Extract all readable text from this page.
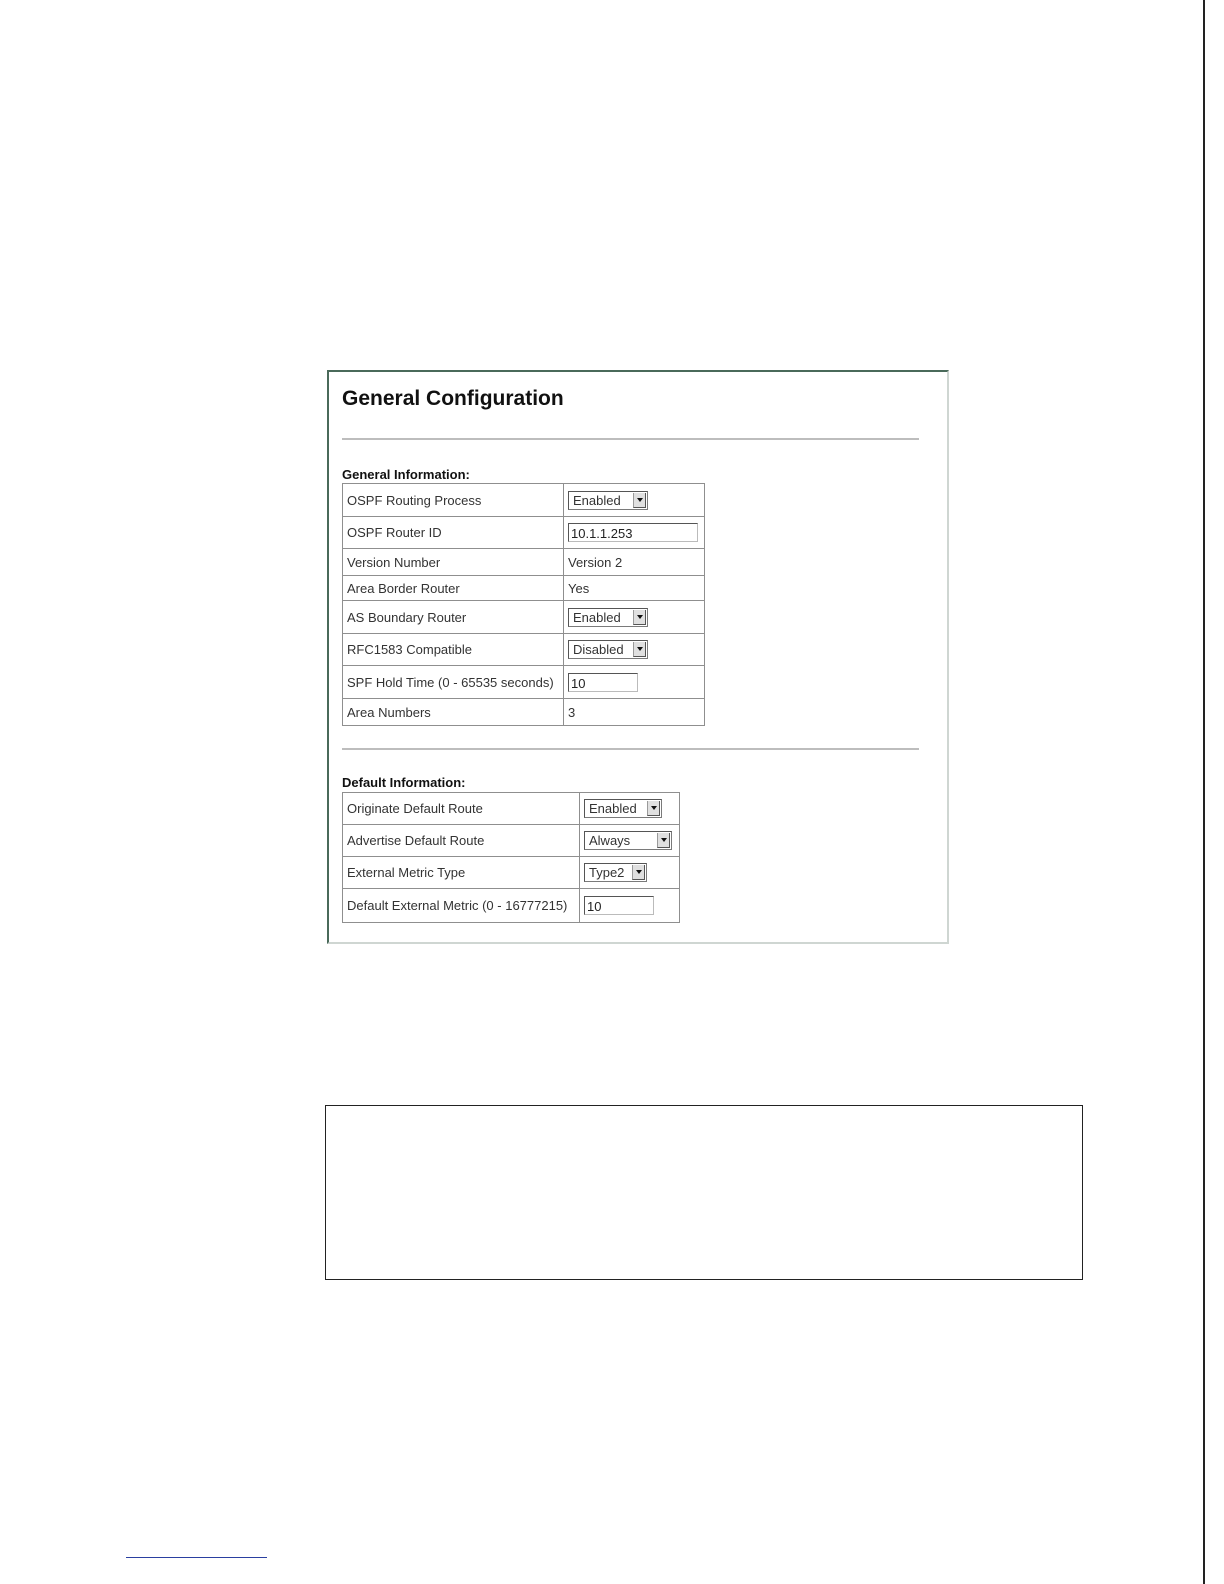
General Configuration
General Information:
OSPF Routing Process	Enabled

OSPF Router ID	10.1.1.253
Version Number	Version 2
Area Border Router	Yes
AS Boundary Router	Enabled

RFC1583 Compatible	Disabled

SPF Hold Time (0 - 65535 seconds)	10
Area Numbers	3
Default Information:
Originate Default Route	Enabled

Advertise Default Route	Always

External Metric Type	Type2

Default External Metric (0 - 16777215)	10
